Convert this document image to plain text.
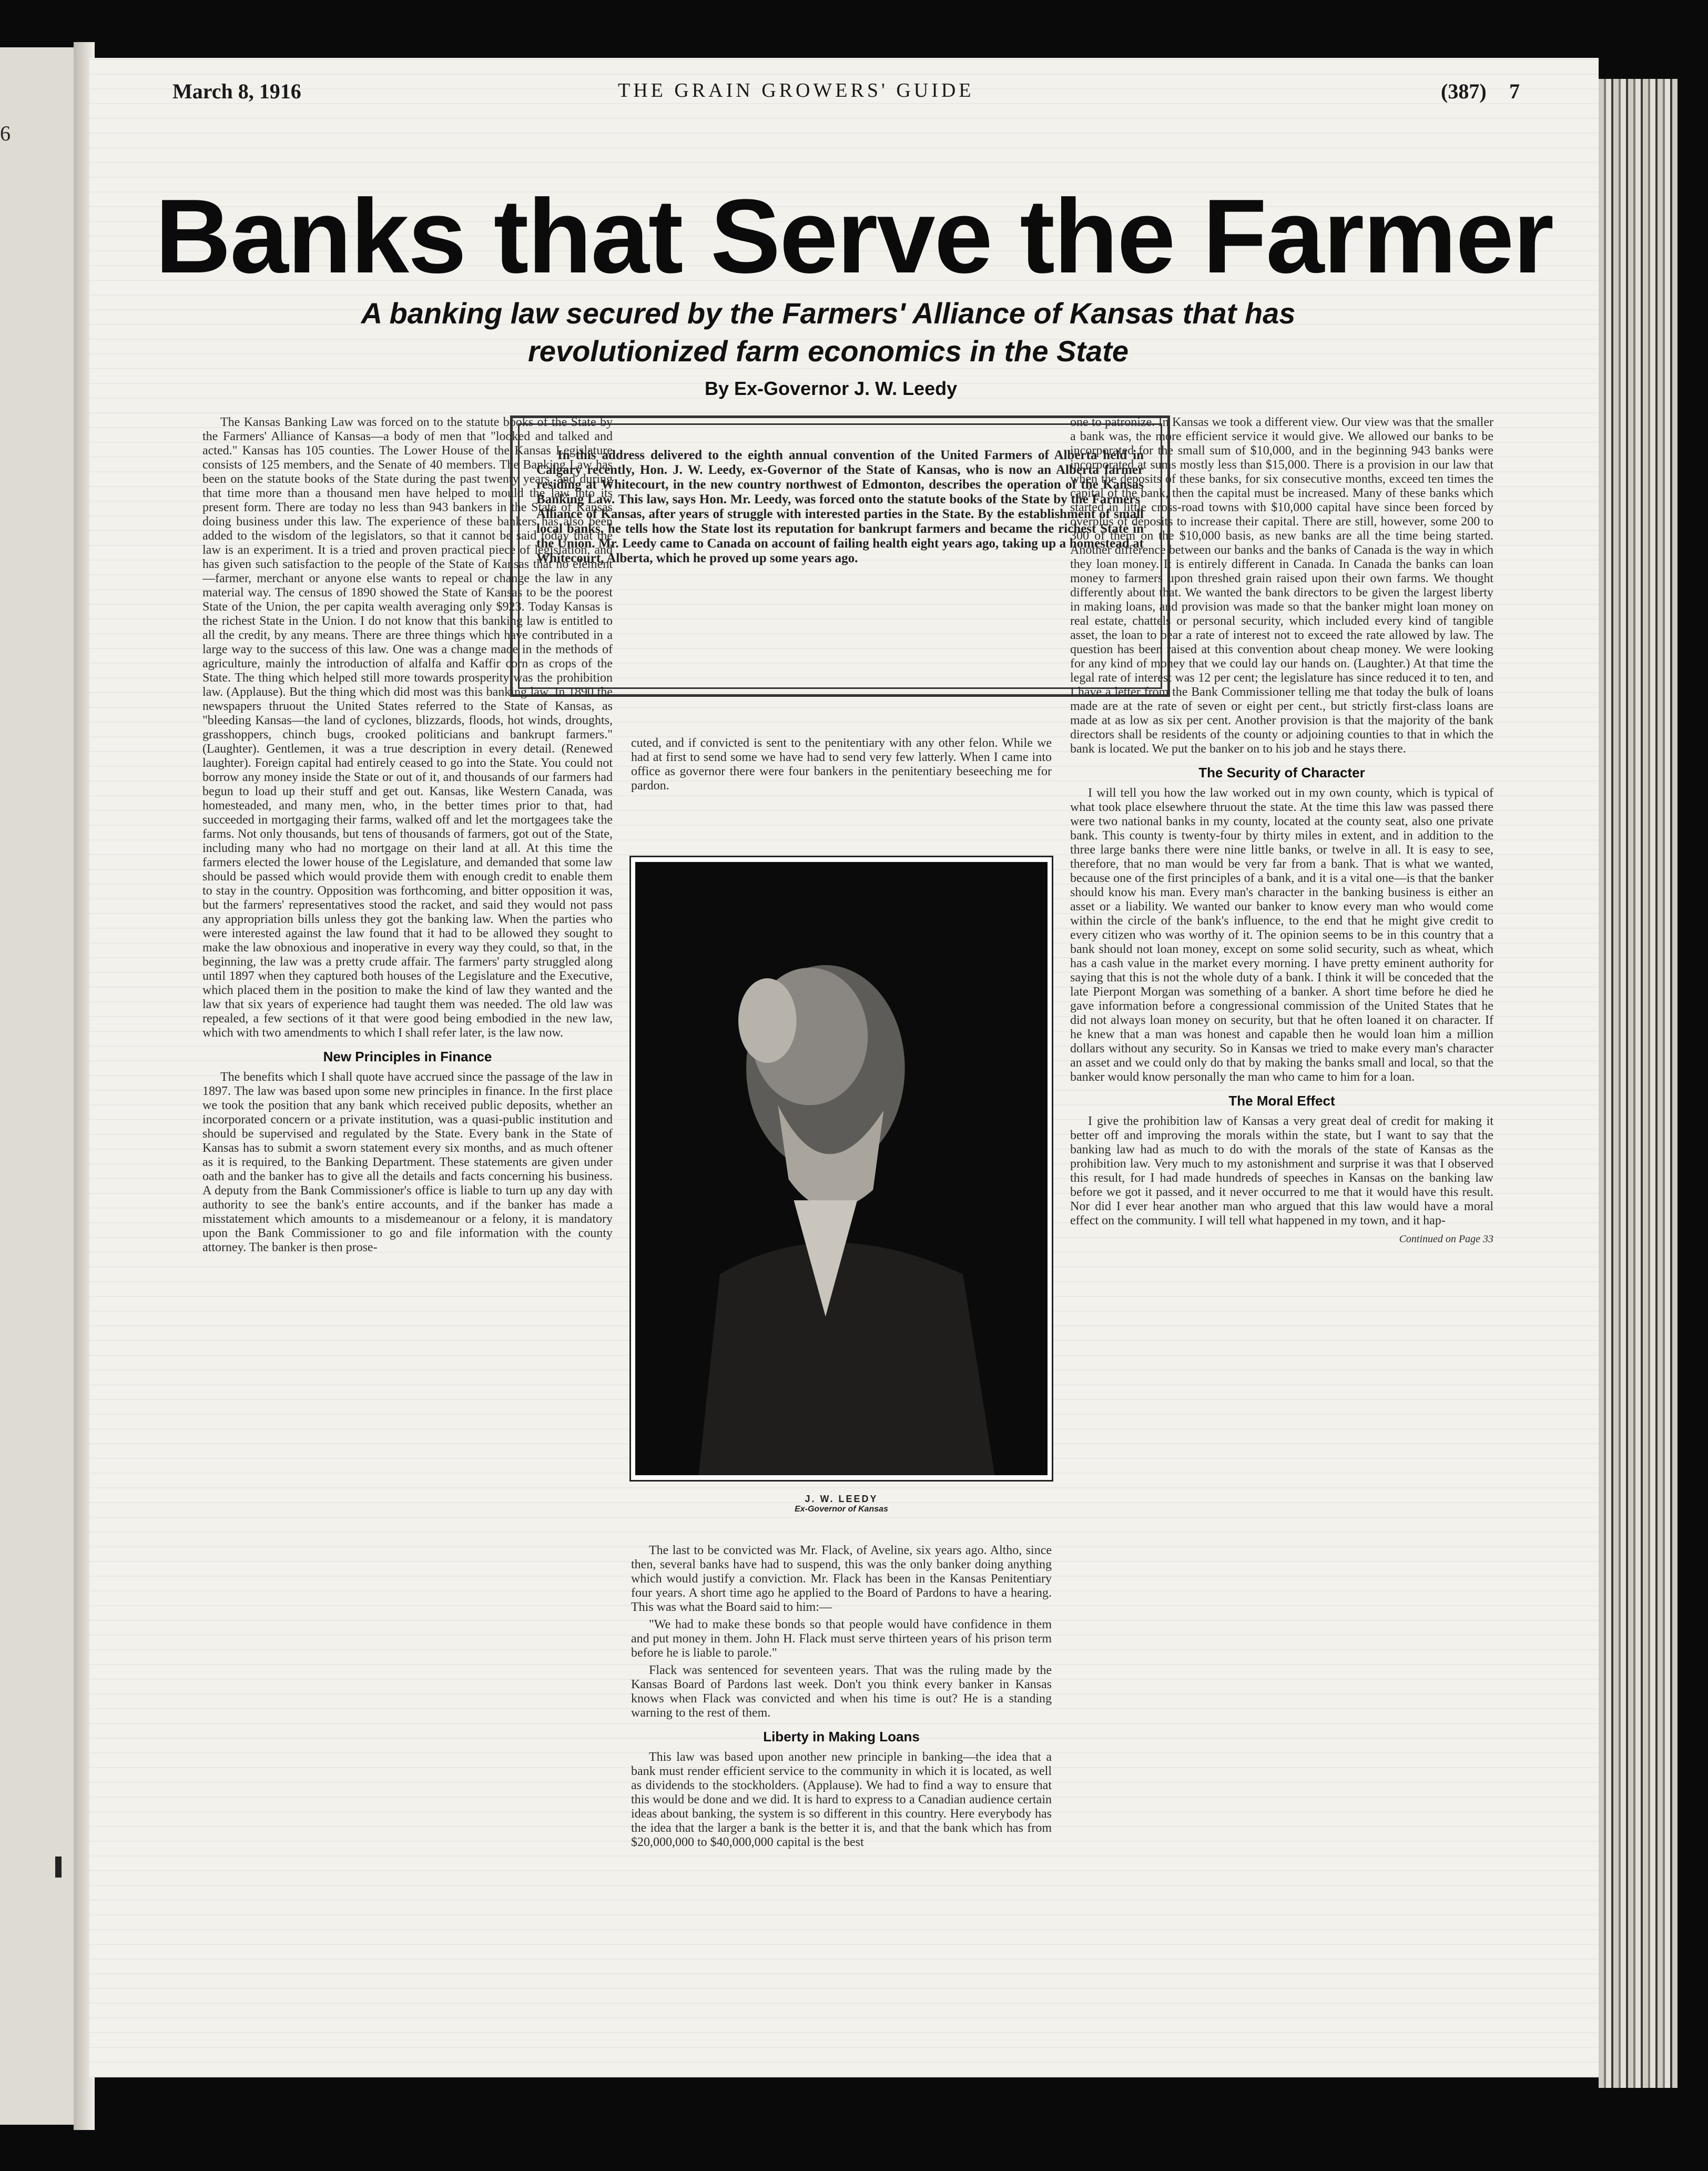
6
March 8, 1916	THE GRAIN GROWERS' GUIDE	(387) 7
Banks that Serve the Farmer
A banking law secured by the Farmers' Alliance of Kansas that has revolutionized farm economics in the State
By Ex-Governor J. W. Leedy

In this address delivered to the eighth annual convention of the United Farmers of Alberta held in Calgary recently, Hon. J. W. Leedy, ex-Governor of the State of Kansas, who is now an Alberta farmer residing at Whitecourt, in the new country northwest of Edmonton, describes the operation of the Kansas Banking Law. This law, says Hon. Mr. Leedy, was forced onto the statute books of the State by the Farmers' Alliance of Kansas, after years of struggle with interested parties in the State. By the establishment of small local banks, he tells how the State lost its reputation for bankrupt farmers and became the richest State in the Union. Mr. Leedy came to Canada on account of failing health eight years ago, taking up a homestead at Whitecourt, Alberta, which he proved up some years ago.

The Kansas Banking Law was forced on to the statute books of the State by the Farmers' Alliance of Kansas—a body of men that "looked and talked and acted." Kansas has 105 counties. The Lower House of the Kansas Legislature consists of 125 members, and the Senate of 40 members. The Banking Law has been on the statute books of the State during the past twenty years, and during that time more than a thousand men have helped to mould the law into its present form. There are today no less than 943 bankers in the State of Kansas doing business under this law. The experience of these bankers has also been added to the wisdom of the legislators, so that it cannot be said today that the law is an experiment. It is a tried and proven practical piece of legislation, and has given such satisfaction to the people of the State of Kansas that no element—farmer, merchant or anyone else wants to repeal or change the law in any material way. The census of 1890 showed the State of Kansas to be the poorest State of the Union, the per capita wealth averaging only $923. Today Kansas is the richest State in the Union. I do not know that this banking law is entitled to all the credit, by any means. There are three things which have contributed in a large way to the success of this law. One was a change made in the methods of agriculture, mainly the introduction of alfalfa and Kaffir corn as crops of the State. The thing which helped still more towards prosperity was the prohibition law. (Applause). But the thing which did most was this banking law. In 1890 the newspapers thruout the United States referred to the State of Kansas, as "bleeding Kansas—the land of cyclones, blizzards, floods, hot winds, droughts, grasshoppers, chinch bugs, crooked politicians and bankrupt farmers." (Laughter). Gentlemen, it was a true description in every detail. (Renewed laughter). Foreign capital had entirely ceased to go into the State. You could not borrow any money inside the State or out of it, and thousands of our farmers had begun to load up their stuff and get out. Kansas, like Western Canada, was homesteaded, and many men, who, in the better times prior to that, had succeeded in mortgaging their farms, walked off and let the mortgagees take the farms. Not only thousands, but tens of thousands of farmers, got out of the State, including many who had no mortgage on their land at all. At this time the farmers elected the lower house of the Legislature, and demanded that some law should be passed which would provide them with enough credit to enable them to stay in the country. Opposition was forthcoming, and bitter opposition it was, but the farmers' representatives stood the racket, and said they would not pass any appropriation bills unless they got the banking law. When the parties who were interested against the law found that it had to be allowed they sought to make the law obnoxious and inoperative in every way they could, so that, in the beginning, the law was a pretty crude affair. The farmers' party struggled along until 1897 when they captured both houses of the Legislature and the Executive, which placed them in the position to make the kind of law they wanted and the law that six years of experience had taught them was needed. The old law was repealed, a few sections of it that were good being embodied in the new law, which with two amendments to which I shall refer later, is the law now.

New Principles in Finance

The benefits which I shall quote have accrued since the passage of the law in 1897. The law was based upon some new principles in finance. In the first place we took the position that any bank which received public deposits, whether an incorporated concern or a private institution, was a quasi-public institution and should be supervised and regulated by the State. Every bank in the State of Kansas has to submit a sworn statement every six months, and as much oftener as it is required, to the Banking Department. These statements are given under oath and the banker has to give all the details and facts concerning his business. A deputy from the Bank Commissioner's office is liable to turn up any day with authority to see the bank's entire accounts, and if the banker has made a misstatement which amounts to a misdemeanour or a felony, it is mandatory upon the Bank Commissioner to go and file information with the county attorney. The banker is then prose-

cuted, and if convicted is sent to the penitentiary with any other felon. While we had at first to send some we have had to send very few latterly. When I came into office as governor there were four bankers in the penitentiary beseeching me for pardon.

J. W. LEEDY
Ex-Governor of Kansas

The last to be convicted was Mr. Flack, of Aveline, six years ago. Altho, since then, several banks have had to suspend, this was the only banker doing anything which would justify a conviction. Mr. Flack has been in the Kansas Penitentiary four years. A short time ago he applied to the Board of Pardons to have a hearing. This was what the Board said to him:—

"We had to make these bonds so that people would have confidence in them and put money in them. John H. Flack must serve thirteen years of his prison term before he is liable to parole."

Flack was sentenced for seventeen years. That was the ruling made by the Kansas Board of Pardons last week. Don't you think every banker in Kansas knows when Flack was convicted and when his time is out? He is a standing warning to the rest of them.

Liberty in Making Loans

This law was based upon another new principle in banking—the idea that a bank must render efficient service to the community in which it is located, as well as dividends to the stockholders. (Applause). We had to find a way to ensure that this would be done and we did. It is hard to express to a Canadian audience certain ideas about banking, the system is so different in this country. Here everybody has the idea that the larger a bank is the better it is, and that the bank which has from $20,000,000 to $40,000,000 capital is the best

one to patronize. In Kansas we took a different view. Our view was that the smaller a bank was, the more efficient service it would give. We allowed our banks to be incorporated for the small sum of $10,000, and in the beginning 943 banks were incorporated at sums mostly less than $15,000. There is a provision in our law that when the deposits of these banks, for six consecutive months, exceed ten times the capital of the bank, then the capital must be increased. Many of these banks which started in little cross-road towns with $10,000 capital have since been forced by overplus of deposits to increase their capital. There are still, however, some 200 to 300 of them on the $10,000 basis, as new banks are all the time being started. Another difference between our banks and the banks of Canada is the way in which they loan money. It is entirely different in Canada. In Canada the banks can loan money to farmers upon threshed grain raised upon their own farms. We thought differently about that. We wanted the bank directors to be given the largest liberty in making loans, and provision was made so that the banker might loan money on real estate, chattels or personal security, which included every kind of tangible asset, the loan to bear a rate of interest not to exceed the rate allowed by law. The question has been raised at this convention about cheap money. We were looking for any kind of money that we could lay our hands on. (Laughter.) At that time the legal rate of interest was 12 per cent; the legislature has since reduced it to ten, and I have a letter from the Bank Commissioner telling me that today the bulk of loans made are at the rate of seven or eight per cent., but strictly first-class loans are made at as low as six per cent. Another provision is that the majority of the bank directors shall be residents of the county or adjoining counties to that in which the bank is located. We put the banker on to his job and he stays there.

The Security of Character

I will tell you how the law worked out in my own county, which is typical of what took place elsewhere thruout the state. At the time this law was passed there were two national banks in my county, located at the county seat, also one private bank. This county is twenty-four by thirty miles in extent, and in addition to the three large banks there were nine little banks, or twelve in all. It is easy to see, therefore, that no man would be very far from a bank. That is what we wanted, because one of the first principles of a bank, and it is a vital one—is that the banker should know his man. Every man's character in the banking business is either an asset or a liability. We wanted our banker to know every man who would come within the circle of the bank's influence, to the end that he might give credit to every citizen who was worthy of it. The opinion seems to be in this country that a bank should not loan money, except on some solid security, such as wheat, which has a cash value in the market every morning. I have pretty eminent authority for saying that this is not the whole duty of a bank. I think it will be conceded that the late Pierpont Morgan was something of a banker. A short time before he died he gave information before a congressional commission of the United States that he did not always loan money on security, but that he often loaned it on character. If he knew that a man was honest and capable then he would loan him a million dollars without any security. So in Kansas we tried to make every man's character an asset and we could only do that by making the banks small and local, so that the banker would know personally the man who came to him for a loan.

The Moral Effect

I give the prohibition law of Kansas a very great deal of credit for making it better off and improving the morals within the state, but I want to say that the banking law had as much to do with the morals of the state of Kansas as the prohibition law. Very much to my astonishment and surprise it was that I observed this result, for I had made hundreds of speeches in Kansas on the banking law before we got it passed, and it never occurred to me that it would have this result. Nor did I ever hear another man who argued that this law would have a moral effect on the community. I will tell what happened in my town, and it hap-

Continued on Page 33
